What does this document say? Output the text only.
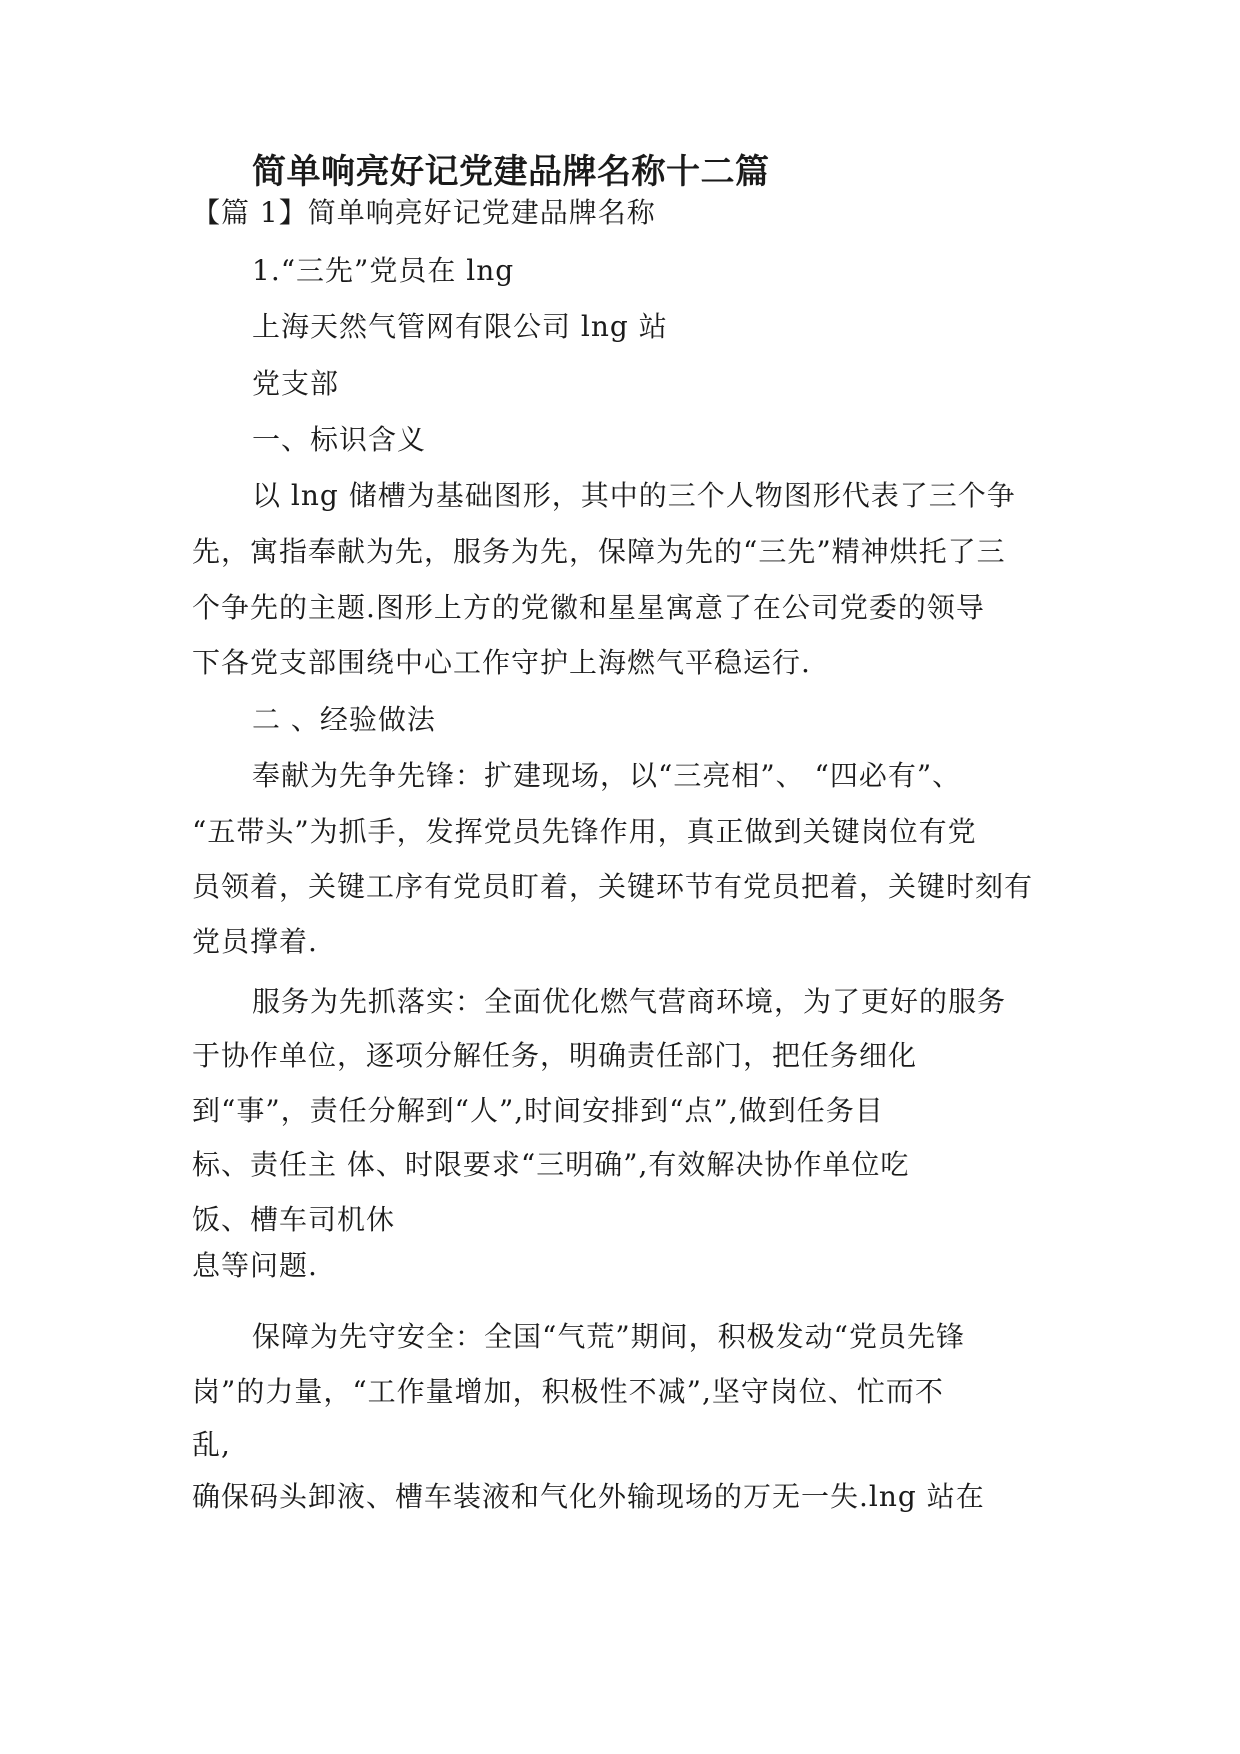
简单响亮好记党建品牌名称十二篇
【篇 1】简单响亮好记党建品牌名称
1.“三先”党员在 lng
上海天然气管网有限公司 lng 站
党支部
一、标识含义
以 lng 储槽为基础图形，其中的三个人物图形代表了三个争
先，寓指奉献为先，服务为先，保障为先的“三先”精神烘托了三
个争先的主题.图形上方的党徽和星星寓意了在公司党委的领导
下各党支部围绕中心工作守护上海燃气平稳运行.
二 、经验做法
奉献为先争先锋：扩建现场，以“三亮相”、 “四必有”、
“五带头”为抓手，发挥党员先锋作用，真正做到关键岗位有党
员领着，关键工序有党员盯着，关键环节有党员把着，关键时刻有
党员撑着.
服务为先抓落实：全面优化燃气营商环境，为了更好的服务
于协作单位，逐项分解任务，明确责任部门，把任务细化
到“事”，责任分解到“人”,时间安排到“点”,做到任务目
标、责任主 体、时限要求“三明确”,有效解决协作单位吃
饭、槽车司机休
息等问题.
保障为先守安全：全国“气荒”期间，积极发动“党员先锋
岗”的力量，“工作量增加，积极性不减”,坚守岗位、忙而不
乱,
确保码头卸液、槽车装液和气化外输现场的万无一失.lng 站在
